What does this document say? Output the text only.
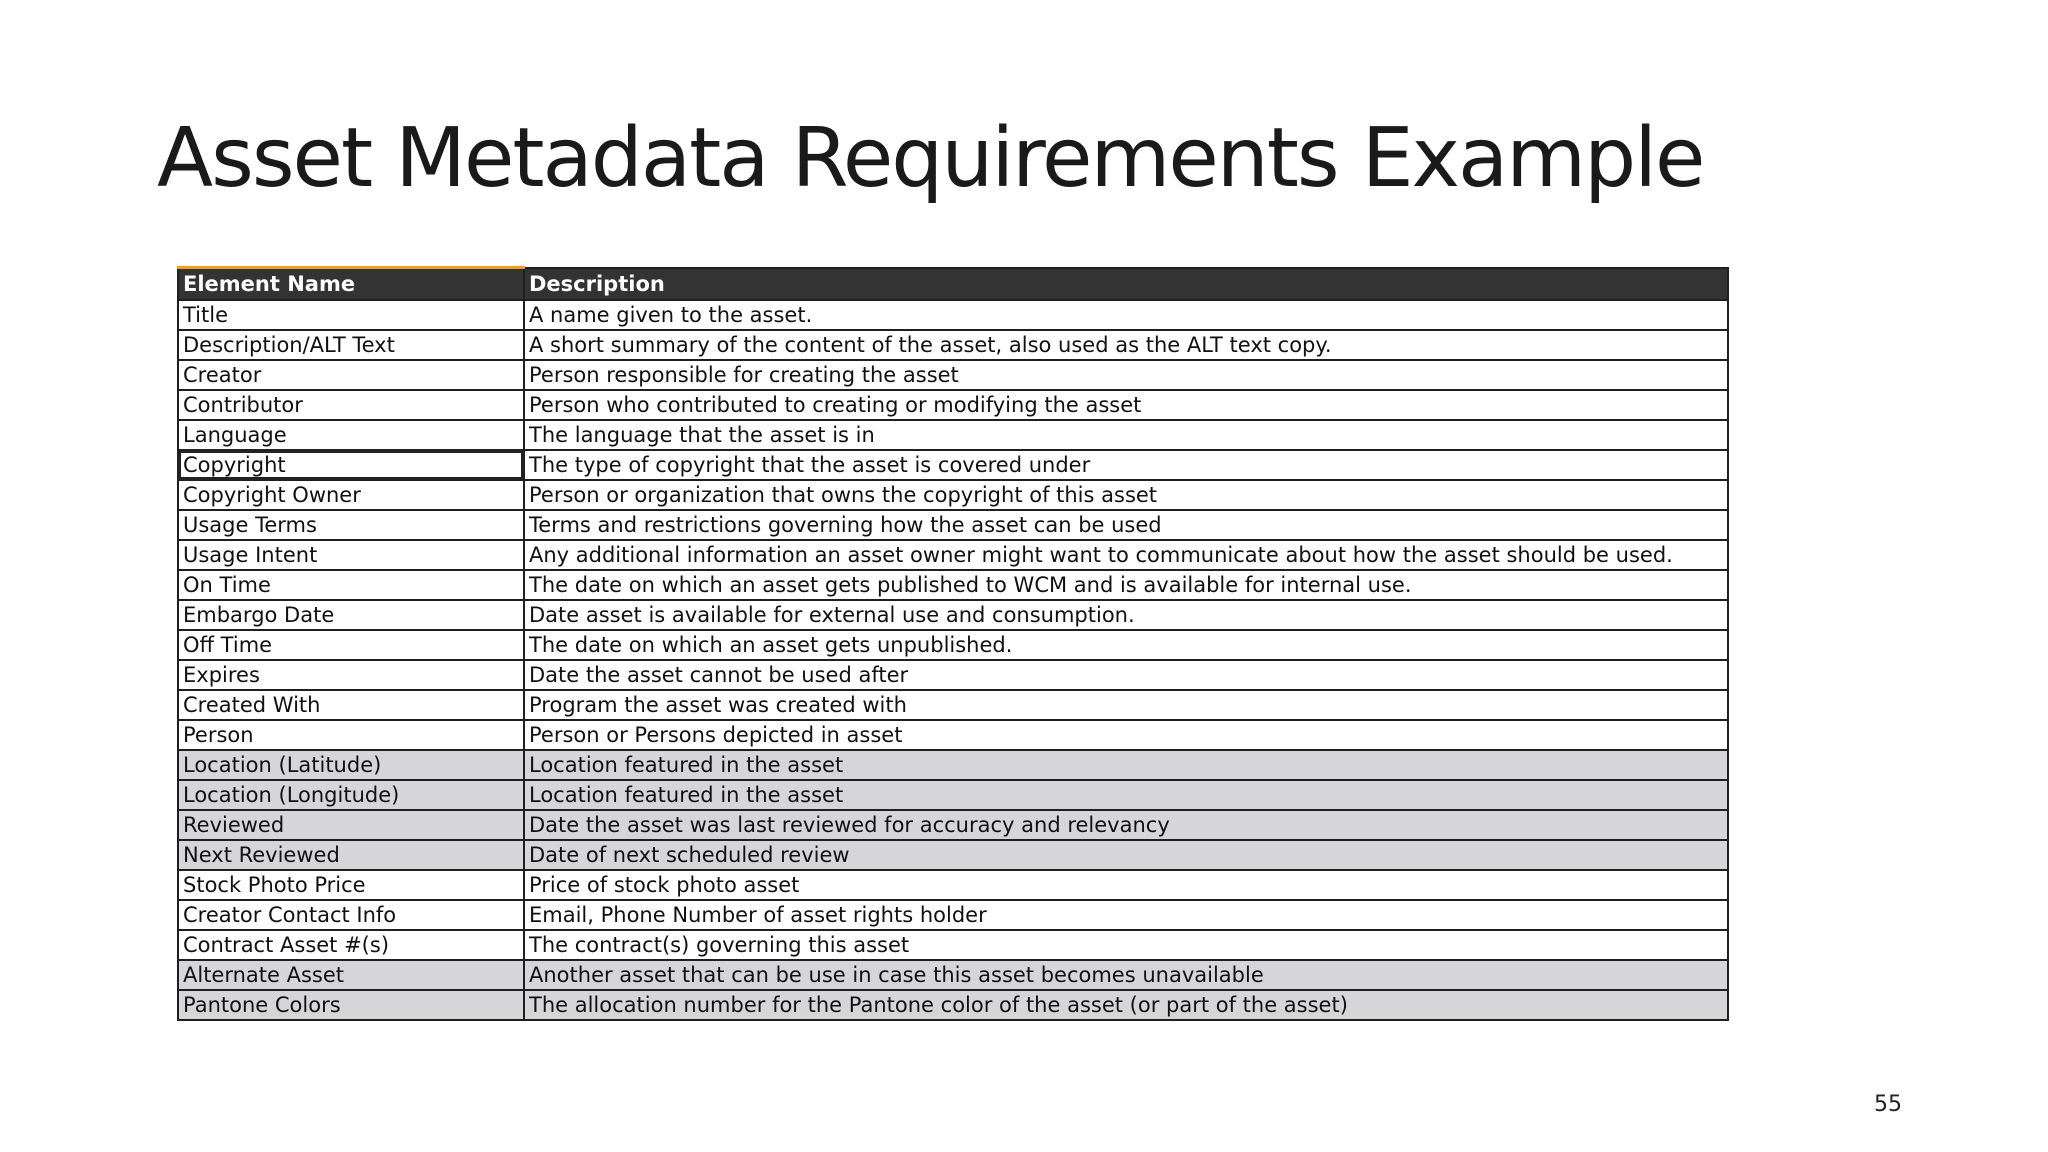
Asset Metadata Requirements Example
Element Name	Description
Title	A name given to the asset.
Description/ALT Text	A short summary of the content of the asset, also used as the ALT text copy.
Creator	Person responsible for creating the asset
Contributor	Person who contributed to creating or modifying the asset
Language	The language that the asset is in
Copyright	The type of copyright that the asset is covered under
Copyright Owner	Person or organization that owns the copyright of this asset
Usage Terms	Terms and restrictions governing how the asset can be used
Usage Intent	Any additional information an asset owner might want to communicate about how the asset should be used.
On Time	The date on which an asset gets published to WCM and is available for internal use.
Embargo Date	Date asset is available for external use and consumption.
Off Time	The date on which an asset gets unpublished.
Expires	Date the asset cannot be used after
Created With	Program the asset was created with
Person	Person or Persons depicted in asset
Location (Latitude)	Location featured in the asset
Location (Longitude)	Location featured in the asset
Reviewed	Date the asset was last reviewed for accuracy and relevancy
Next Reviewed	Date of next scheduled review
Stock Photo Price	Price of stock photo asset
Creator Contact Info	Email, Phone Number of asset rights holder
Contract Asset #(s)	The contract(s) governing this asset
Alternate Asset	Another asset that can be use in case this asset becomes unavailable
Pantone Colors	The allocation number for the Pantone color of the asset (or part of the asset)
55
